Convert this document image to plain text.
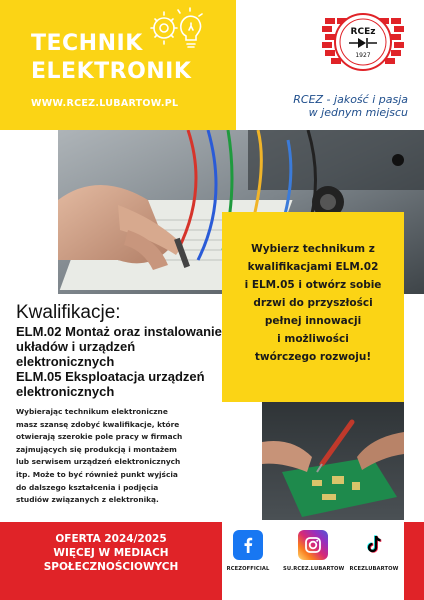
TECHNIK
ELEKTRONIK
WWW.RCEZ.LUBARTOW.PL
RCEz
1927
RCEZ - jakość i pasja
w jednym miejscu
Wybierz technikum z
kwalifikacjami ELM.02
i ELM.05 i otwórz sobie
drzwi do przyszłości
pełnej innowacji
i możliwości
twórczego rozwoju!
Kwalifikacje:
ELM.02 Montaż oraz instalowanie
układów i urządzeń
elektronicznych
ELM.05 Eksploatacja urządzeń
elektronicznych
Wybierając technikum elektroniczne
masz szansę zdobyć kwalifikacje, które
otwierają szerokie pole pracy w firmach
zajmujących się produkcją i montażem
lub serwisem urządzeń elektronicznych
itp. Może to być również punkt wyjścia
do dalszego kształcenia i podjęcia
studiów związanych z elektroniką.
OFERTA 2024/2025
WIĘCEJ W MEDIACH
SPOŁECZNOŚCIOWYCH	RCEZOFFICIAL	SU.RCEZ.LUBARTOW RCEZLUBARTOW
